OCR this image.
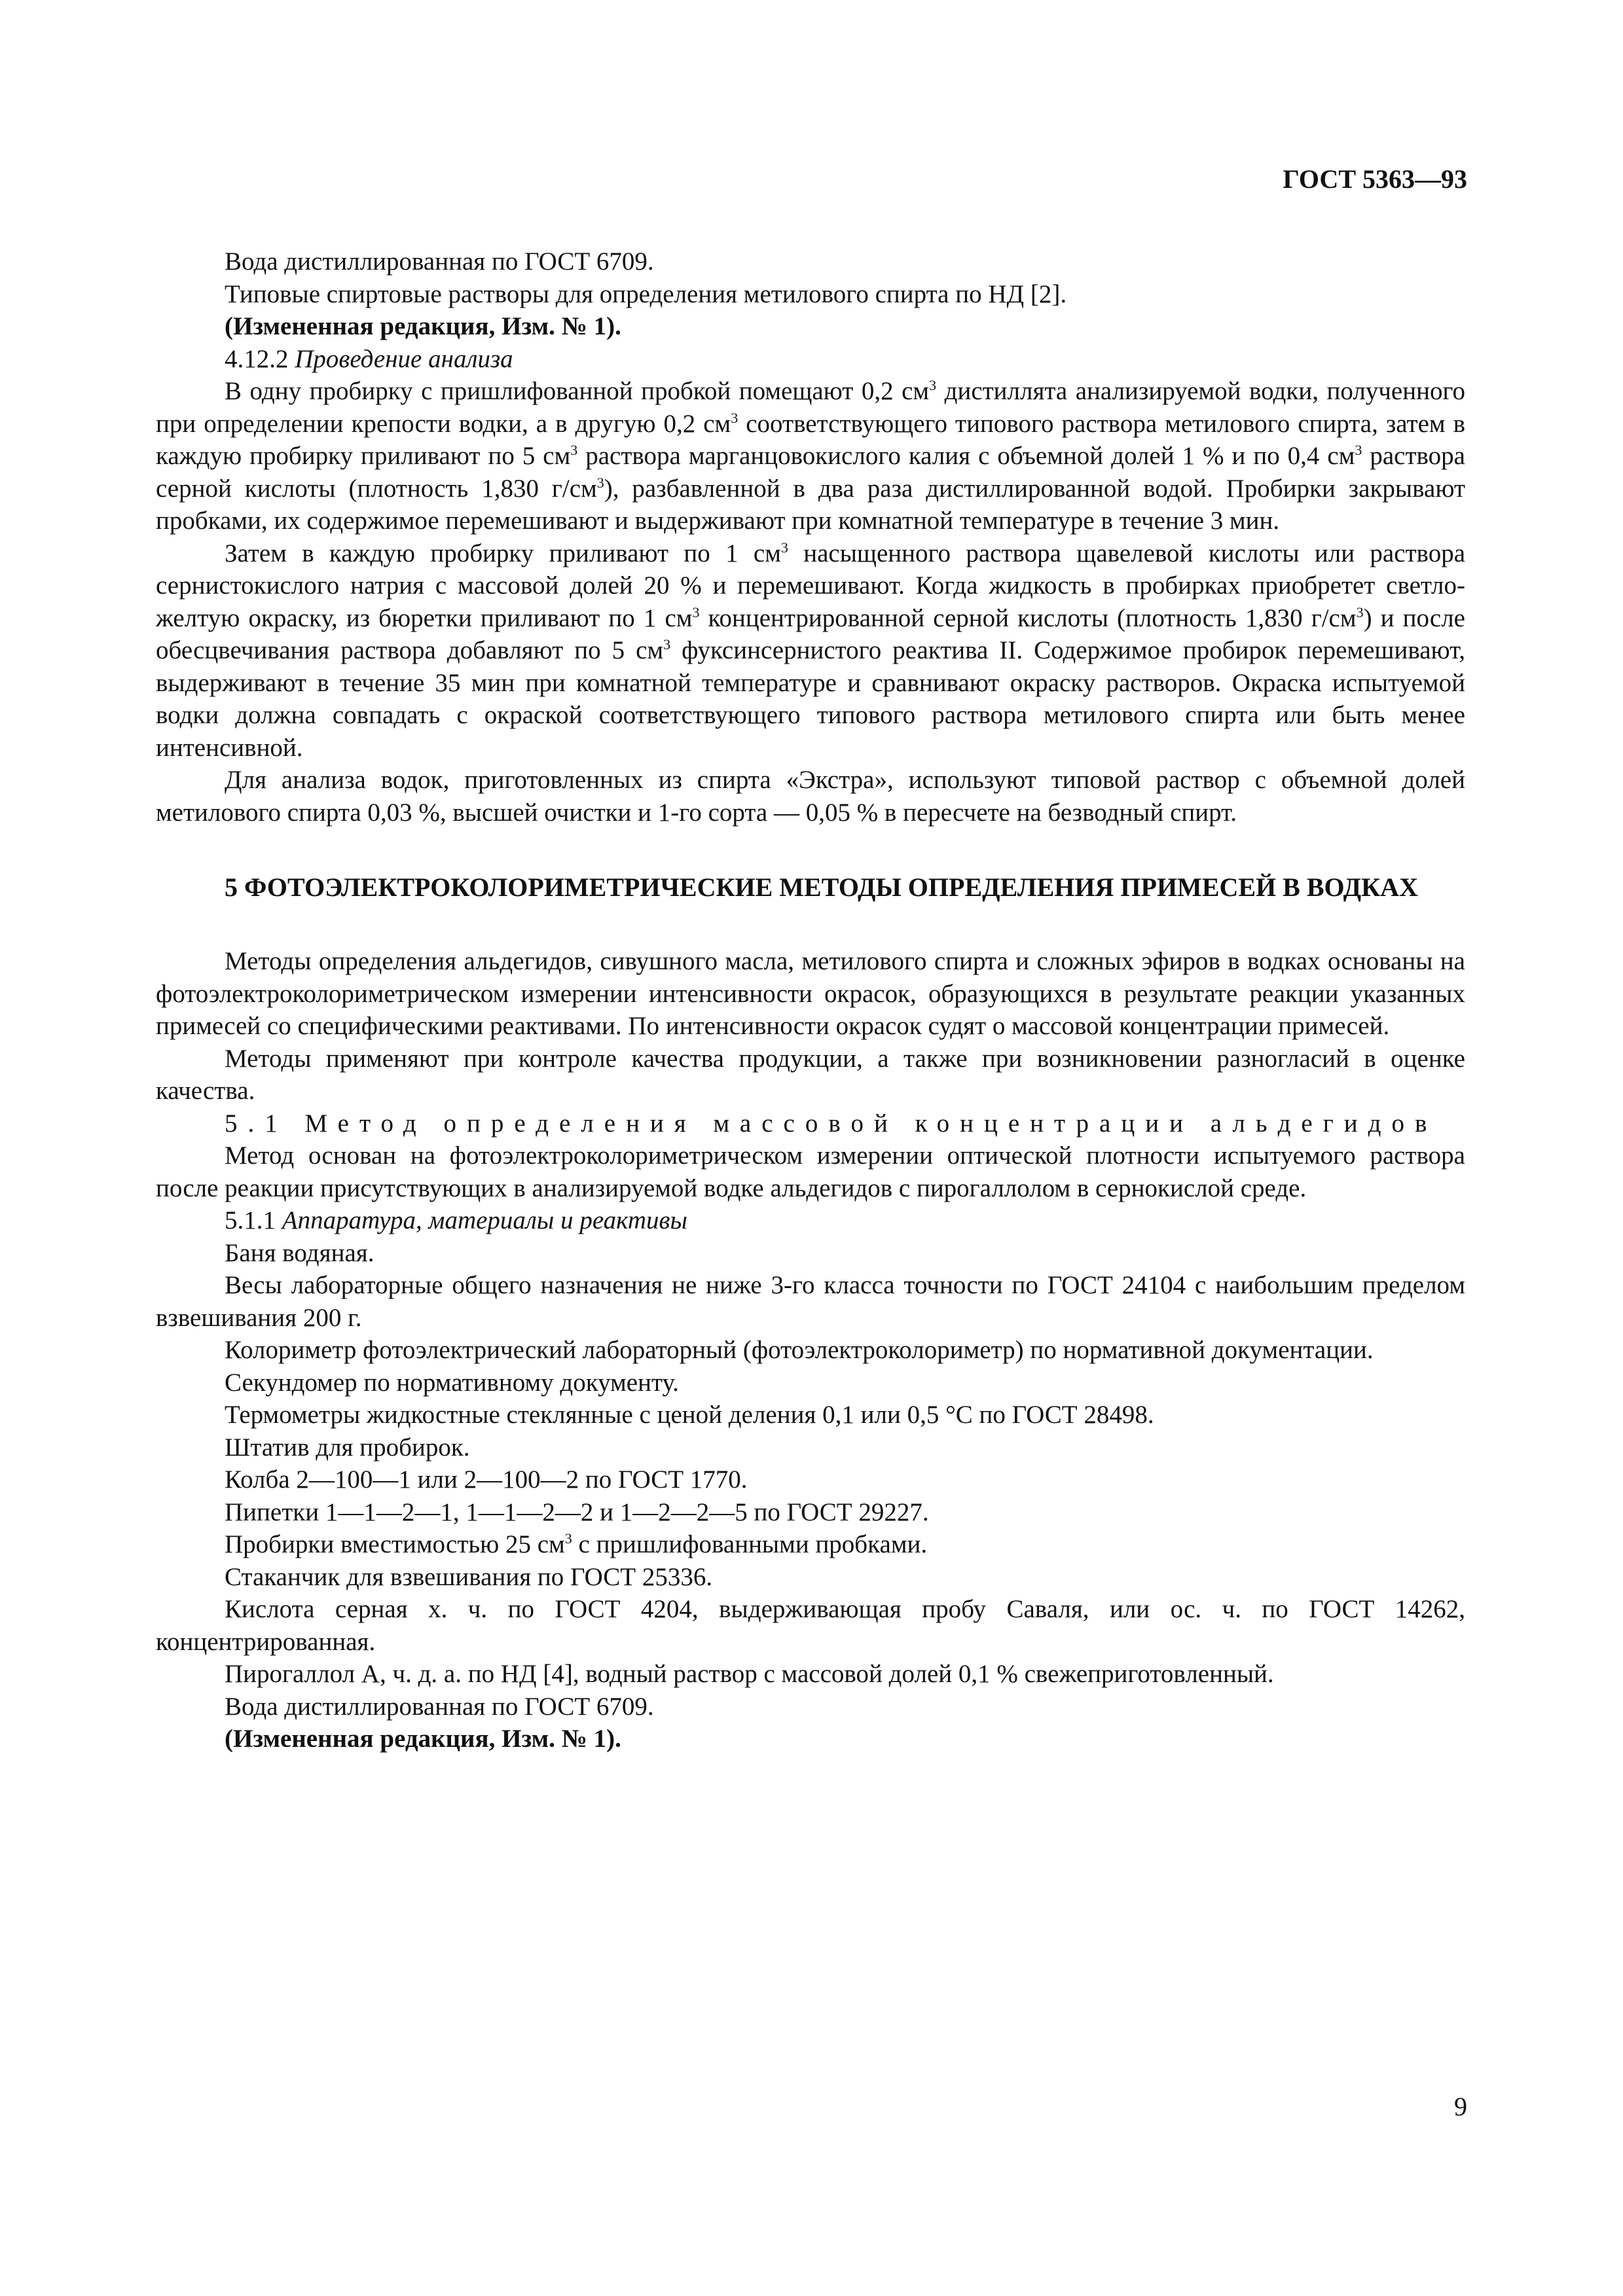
ГОСТ 5363—93

Вода дистиллированная по ГОСТ 6709.

Типовые спиртовые растворы для определения метилового спирта по НД [2].

(Измененная редакция, Изм. № 1).

4.12.2 Проведение анализа

В одну пробирку с пришлифованной пробкой помещают 0,2 $см^3$ дистиллята анализируемой водки, полученного при определении крепости водки, а в другую 0,2 $см^3$ соответствующего типового раствора метилового спирта, затем в каждую пробирку приливают по 5 $см^3$ раствора марганцовокислого калия с объемной долей 1 % и по 0,4 $см^3$ раствора серной кислоты (плотность 1,830 $г/см^3$), разбавленной в два раза дистиллированной водой. Пробирки закрывают пробками, их содержимое перемешивают и выдерживают при комнатной температуре в течение 3 мин.

Затем в каждую пробирку приливают по 1 $см^3$ насыщенного раствора щавелевой кислоты или раствора сернистокислого натрия с массовой долей 20 % и перемешивают. Когда жидкость в пробирках приобретет светло-желтую окраску, из бюретки приливают по 1 $см^3$ концентрированной серной кислоты (плотность 1,830 $г/см^3$) и после обесцвечивания раствора добавляют по 5 $см^3$ фуксинсернистого реактива II. Содержимое пробирок перемешивают, выдерживают в течение 35 мин при комнатной температуре и сравнивают окраску растворов. Окраска испытуемой водки должна совпадать с окраской соответствующего типового раствора метилового спирта или быть менее интенсивной.

Для анализа водок, приготовленных из спирта «Экстра», используют типовой раствор с объемной долей метилового спирта 0,03 %, высшей очистки и 1-го сорта — 0,05 % в пересчете на безводный спирт.

5 ФОТОЭЛЕКТРОКОЛОРИМЕТРИЧЕСКИЕ МЕТОДЫ ОПРЕДЕЛЕНИЯ ПРИМЕСЕЙ В ВОДКАХ

Методы определения альдегидов, сивушного масла, метилового спирта и сложных эфиров в водках основаны на фотоэлектроколориметрическом измерении интенсивности окрасок, образующихся в результате реакции указанных примесей со специфическими реактивами. По интенсивности окрасок судят о массовой концентрации примесей.

Методы применяют при контроле качества продукции, а также при возникновении разногласий в оценке качества.

5.1 Метод определения массовой концентрации альдегидов

Метод основан на фотоэлектроколориметрическом измерении оптической плотности испытуемого раствора после реакции присутствующих в анализируемой водке альдегидов с пирогаллолом в сернокислой среде.

5.1.1 Аппаратура, материалы и реактивы

Баня водяная.

Весы лабораторные общего назначения не ниже 3-го класса точности по ГОСТ 24104 с наибольшим пределом взвешивания 200 г.

Колориметр фотоэлектрический лабораторный (фотоэлектроколориметр) по нормативной документации.

Секундомер по нормативному документу.

Термометры жидкостные стеклянные с ценой деления 0,1 или 0,5 °С по ГОСТ 28498.

Штатив для пробирок.

Колба 2—100—1 или 2—100—2 по ГОСТ 1770.

Пипетки 1—1—2—1, 1—1—2—2 и 1—2—2—5 по ГОСТ 29227.

Пробирки вместимостью 25 $см^3$ с пришлифованными пробками.

Стаканчик для взвешивания по ГОСТ 25336.

Кислота серная х. ч. по ГОСТ 4204, выдерживающая пробу Саваля, или ос. ч. по ГОСТ 14262, концентрированная.

Пирогаллол А, ч. д. а. по НД [4], водный раствор с массовой долей 0,1 % свежеприготовленный.

Вода дистиллированная по ГОСТ 6709.

(Измененная редакция, Изм. № 1).

9
